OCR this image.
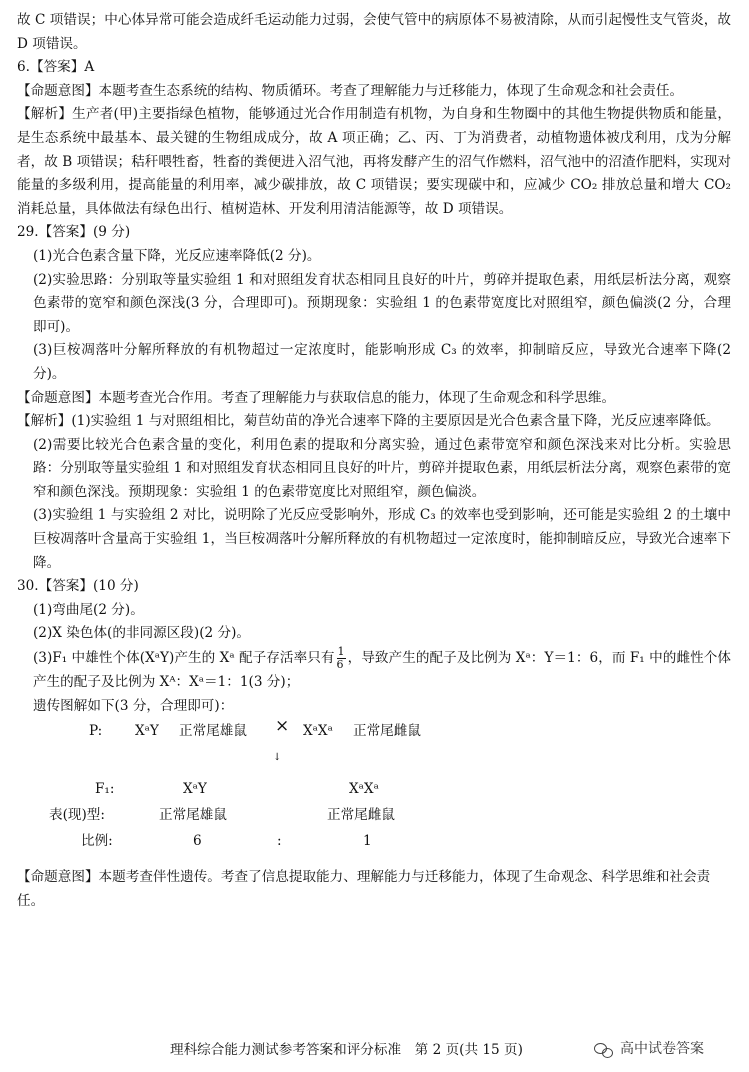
故 C 项错误；中心体异常可能会造成纤毛运动能力过弱，会使气管中的病原体不易被清除，从而引起慢性支气管炎，故 D 项错误。

6.【答案】A

【命题意图】本题考查生态系统的结构、物质循环。考查了理解能力与迁移能力，体现了生命观念和社会责任。

【解析】生产者(甲)主要指绿色植物，能够通过光合作用制造有机物，为自身和生物圈中的其他生物提供物质和能量，是生态系统中最基本、最关键的生物组成成分，故 A 项正确；乙、丙、丁为消费者，动植物遗体被戊利用，戊为分解者，故 B 项错误；秸秆喂牲畜，牲畜的粪便进入沼气池，再将发酵产生的沼气作燃料，沼气池中的沼渣作肥料，实现对能量的多级利用，提高能量的利用率，减少碳排放，故 C 项错误；要实现碳中和，应减少 CO₂ 排放总量和增大 CO₂ 消耗总量，具体做法有绿色出行、植树造林、开发利用清洁能源等，故 D 项错误。

29.【答案】(9 分)

(1)光合色素含量下降，光反应速率降低(2 分)。

(2)实验思路：分别取等量实验组 1 和对照组发育状态相同且良好的叶片，剪碎并提取色素，用纸层析法分离，观察色素带的宽窄和颜色深浅(3 分，合理即可)。预期现象：实验组 1 的色素带宽度比对照组窄，颜色偏淡(2 分，合理即可)。

(3)巨桉凋落叶分解所释放的有机物超过一定浓度时，能影响形成 C₃ 的效率，抑制暗反应，导致光合速率下降(2 分)。

【命题意图】本题考查光合作用。考查了理解能力与获取信息的能力，体现了生命观念和科学思维。

【解析】(1)实验组 1 与对照组相比，菊苣幼苗的净光合速率下降的主要原因是光合色素含量下降，光反应速率降低。

(2)需要比较光合色素含量的变化，利用色素的提取和分离实验，通过色素带宽窄和颜色深浅来对比分析。实验思路：分别取等量实验组 1 和对照组发育状态相同且良好的叶片，剪碎并提取色素，用纸层析法分离，观察色素带的宽窄和颜色深浅。预期现象：实验组 1 的色素带宽度比对照组窄，颜色偏淡。

(3)实验组 1 与实验组 2 对比，说明除了光反应受影响外，形成 C₃ 的效率也受到影响，还可能是实验组 2 的土壤中巨桉凋落叶含量高于实验组 1，当巨桉凋落叶分解所释放的有机物超过一定浓度时，能抑制暗反应，导致光合速率下降。

30.【答案】(10 分)

(1)弯曲尾(2 分)。

(2)X 染色体(的非同源区段)(2 分)。

(3)F₁ 中雄性个体(XᵃY)产生的 Xᵃ 配子存活率只有 $\frac{1}{6}$ ，导致产生的配子及比例为 Xᵃ：Y＝1：6，而 F₁ 中的雌性个体产生的配子及比例为 Xᴬ：Xᵃ＝1：1(3 分)；

遗传图解如下(3 分，合理即可)：

P: XᵃY 正常尾雄鼠 × XᵃXᵃ 正常尾雌鼠
↓
F₁:	XᵃY	XᵃXᵃ
表(现)型:	正常尾雄鼠	正常尾雌鼠
比例:	6	:	1
【命题意图】本题考查伴性遗传。考查了信息提取能力、理解能力与迁移能力，体现了生命观念、科学思维和社会责任。
理科综合能力测试参考答案和评分标准　第 2 页(共 15 页)	高中试卷答案
